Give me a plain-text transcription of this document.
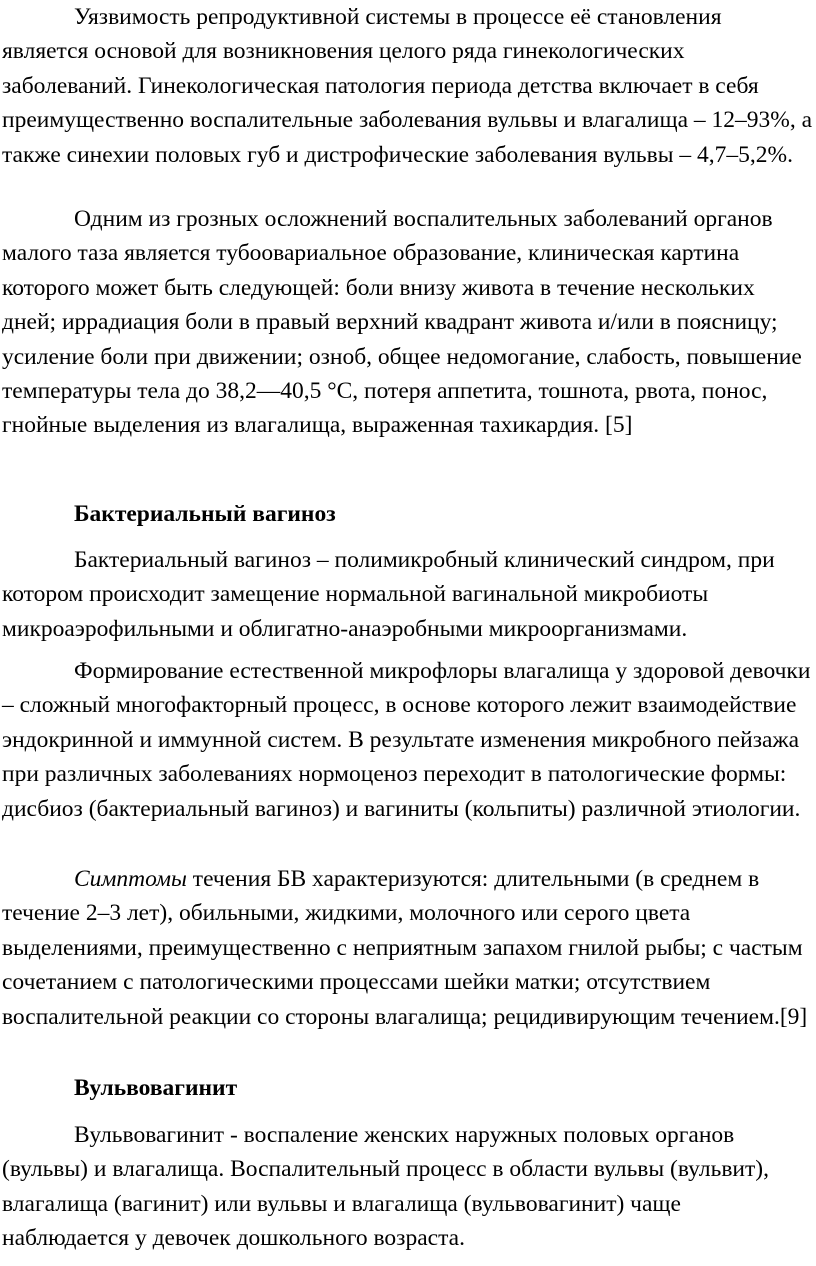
Уязвимость репродуктивной системы в процессе её становления является основой для возникновения целого ряда гинекологических заболеваний. Гинекологическая патология периода детства включает в себя преимущественно воспалительные заболевания вульвы и влагалища – 12–93%, а также синехии половых губ и дистрофические заболевания вульвы – 4,7–5,2%.

Одним из грозных осложнений воспалительных заболеваний органов малого таза является тубоовариальное образование, клиническая картина которого может быть следующей: боли внизу живота в течение нескольких дней; иррадиация боли в правый верхний квадрант живота и/или в поясницу; усиление боли при движении; озноб, общее недомогание, слабость, повышение температуры тела до 38,2—40,5 °C, потеря аппетита, тошнота, рвота, понос, гнойные выделения из влагалища, выраженная тахикардия. [5]

Бактериальный вагиноз

Бактериальный вагиноз – полимикробный клинический синдром, при котором происходит замещение нормальной вагинальной микробиоты микроаэрофильными и облигатно-анаэробными микроорганизмами.

Формирование естественной микрофлоры влагалища у здоровой девочки – сложный многофакторный процесс, в основе которого лежит взаимодействие эндокринной и иммунной систем. В результате изменения микробного пейзажа при различных заболеваниях нормоценоз переходит в патологические формы: дисбиоз (бактериальный вагиноз) и вагиниты (кольпиты) различной этиологии.

Симптомы течения БВ характеризуются: длительными (в среднем в течение 2–3 лет), обильными, жидкими, молочного или серого цвета выделениями, преимущественно с неприятным запахом гнилой рыбы; с частым сочетанием с патологическими процессами шейки матки; отсутствием воспалительной реакции со стороны влагалища; рецидивирующим течением.[9]

Вульвовагинит

Вульвовагинит - воспаление женских наружных половых органов (вульвы) и влагалища. Воспалительный процесс в области вульвы (вульвит), влагалища (вагинит) или вульвы и влагалища (вульвовагинит) чаще наблюдается у девочек дошкольного возраста.
